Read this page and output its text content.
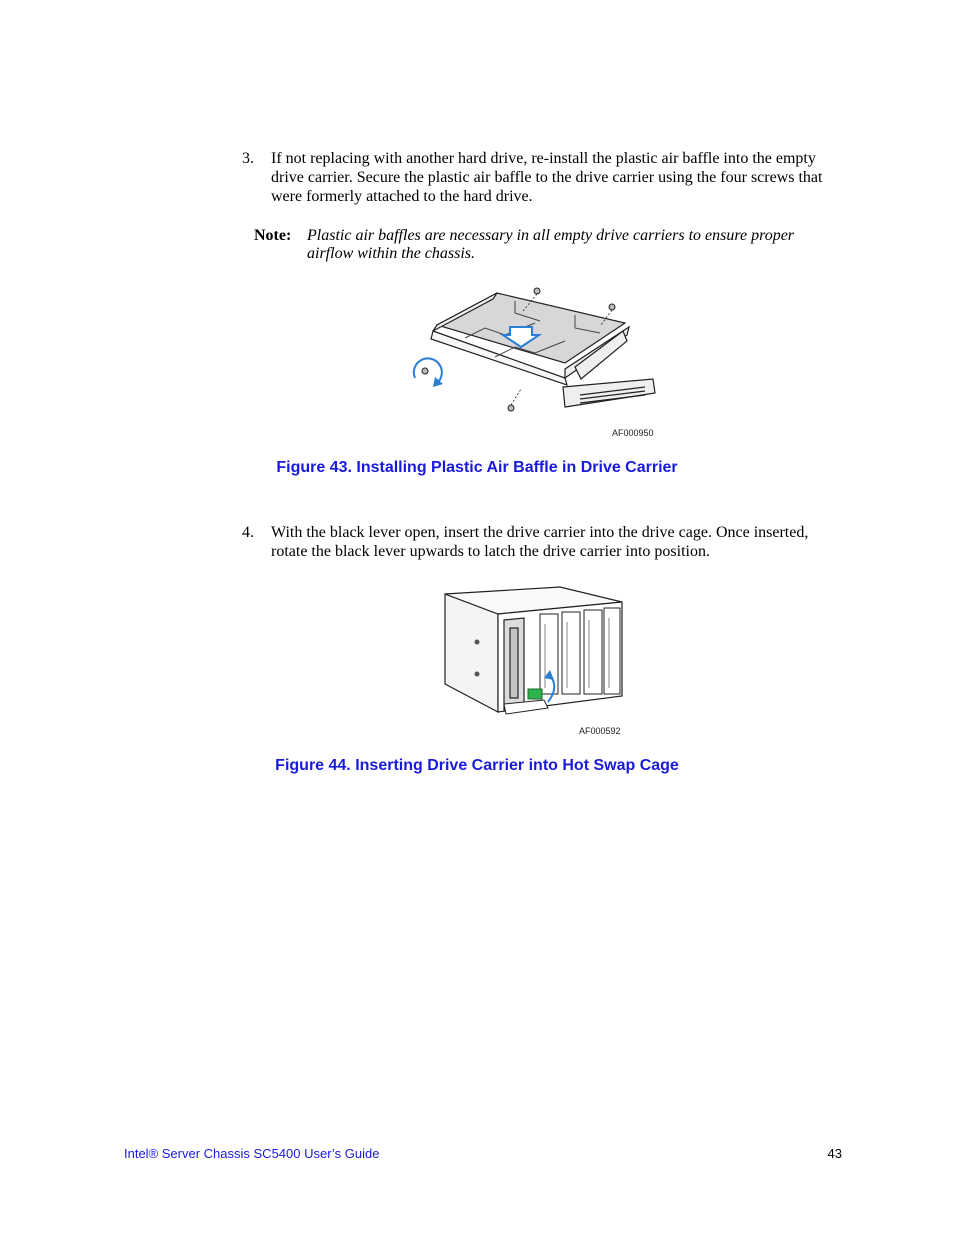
3. If not replacing with another hard drive, re-install the plastic air baffle into the empty drive carrier. Secure the plastic air baffle to the drive carrier using the four screws that were formerly attached to the hard drive.
Note: Plastic air baffles are necessary in all empty drive carriers to ensure proper airflow within the chassis.
AF000950
Figure 43. Installing Plastic Air Baffle in Drive Carrier
4. With the black lever open, insert the drive carrier into the drive cage. Once inserted, rotate the black lever upwards to latch the drive carrier into position.
AF000592
Figure 44. Inserting Drive Carrier into Hot Swap Cage
Intel® Server Chassis SC5400 User’s Guide	43
